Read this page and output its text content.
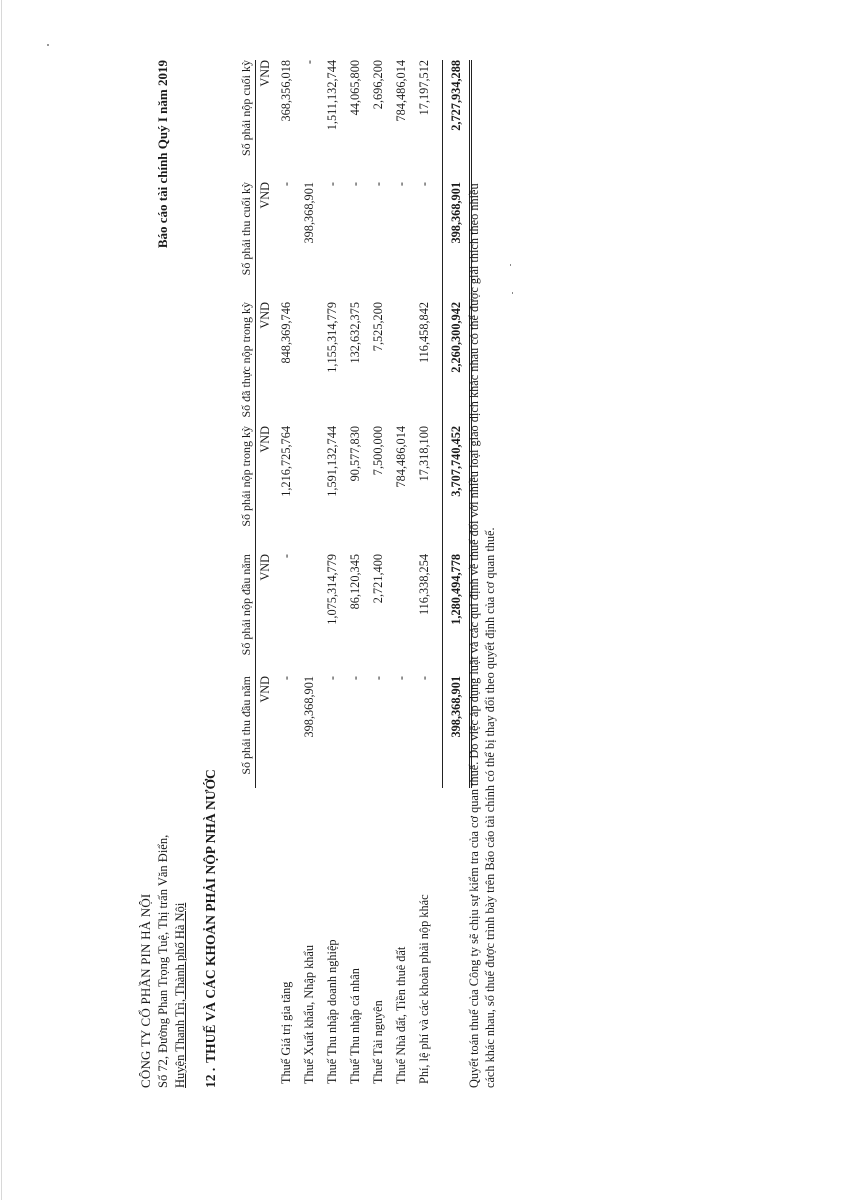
CÔNG TY CỔ PHẦN PIN HÀ NỘI Số 72, Đường Phan Trọng Tuệ, Thị trấn Văn Điển, Huyện Thanh Trì, Thành phố Hà Nội
Báo cáo tài chính Quý I năm 2019
12 . THUẾ VÀ CÁC KHOẢN PHẢI NỘP NHÀ NƯỚC
	Số phải thu đầu năm	Số phải nộp đầu năm	Số phải nộp trong kỳ	Số đã thực nộp trong kỳ	Số phải thu cuối kỳ	Số phải nộp cuối kỳ
	VND	VND	VND	VND	VND	VND
Thuế Giá trị gia tăng	-	-	1,216,725,764	848,369,746	-	368,356,018
Thuế Xuất khẩu, Nhập khẩu	398,368,901				398,368,901	-
Thuế Thu nhập doanh nghiệp	-	1,075,314,779	1,591,132,744	1,155,314,779	-	1,511,132,744
Thuế Thu nhập cá nhân	-	86,120,345	90,577,830	132,632,375	-	44,065,800
Thuế Tài nguyên	-	2,721,400	7,500,000	7,525,200	-	2,696,200
Thuế Nhà đất, Tiền thuê đất	-		784,486,014		-	784,486,014
Phí, lệ phí và các khoản phải nộp khác	-	116,338,254	17,318,100	116,458,842	-	17,197,512

	398,368,901	1,280,494,778	3,707,740,452	2,260,300,942	398,368,901	2,727,934,288
Quyết toán thuế của Công ty sẽ chịu sự kiểm tra của cơ quan thuế. Do việc áp dụng luật và các qui định về thuế đối với nhiều loại giao dịch khác nhau có thể được giải thích theo nhiều cách khác nhau, số thuế được trình bày trên Báo cáo tài chính có thể bị thay đổi theo quyết định của cơ quan thuế.
